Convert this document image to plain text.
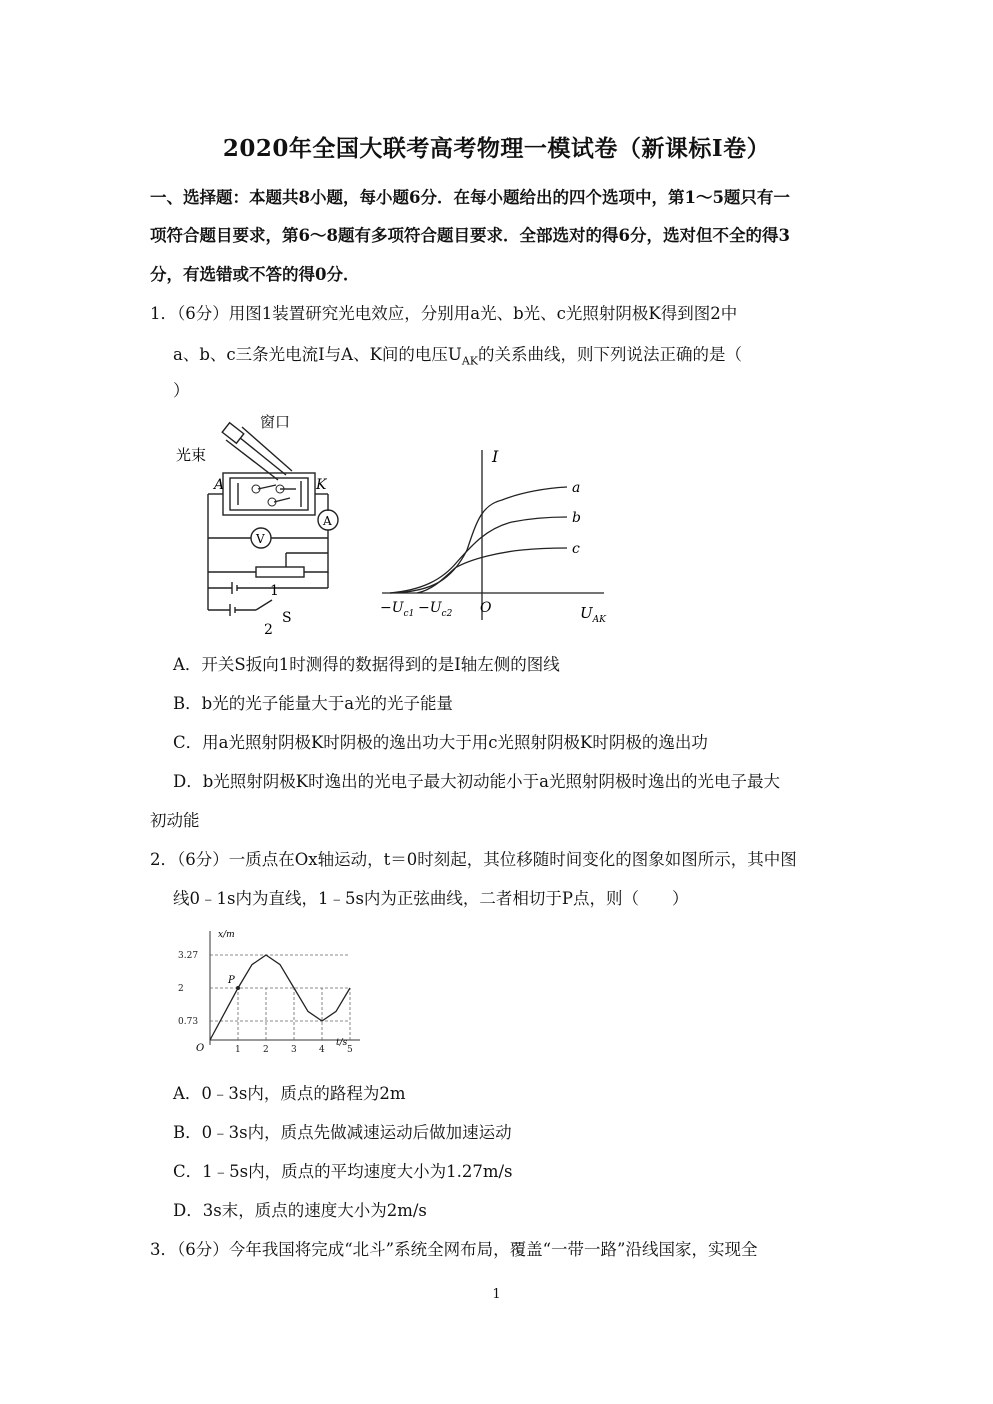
2020年全国大联考高考物理一模试卷（新课标Ⅰ卷）
一、选择题：本题共8小题，每小题6分．在每小题给出的四个选项中，第1～5题只有一
项符合题目要求，第6～8题有多项符合题目要求．全部选对的得6分，选对但不全的得3
分，有选错或不答的得0分．
1．（6分）用图1装置研究光电效应，分别用a光、b光、c光照射阴极K得到图2中
a、b、c三条光电流I与A、K间的电压$U_{AK}$的关系曲线，则下列说法正确的是（
）
窗口
光束
A	K
V
A
1
2
S
I
a
b
c
$-U_{c1} -U_{c2}$ O	$U_{AK}$
A．开关S扳向1时测得的数据得到的是I轴左侧的图线
B．b光的光子能量大于a光的光子能量
C．用a光照射阴极K时阴极的逸出功大于用c光照射阴极K时阴极的逸出功
D．b光照射阴极K时逸出的光电子最大初动能小于a光照射阴极时逸出的光电子最大
初动能
2．（6分）一质点在Ox轴运动，t＝0时刻起，其位移随时间变化的图象如图所示，其中图
线0﹣1s内为直线，1﹣5s内为正弦曲线，二者相切于P点，则（　　）
3.27
2
0.73
1 2 3 4 5
P
x/m
t/s
O
A．0﹣3s内，质点的路程为2m
B．0﹣3s内，质点先做减速运动后做加速运动
C．1﹣5s内，质点的平均速度大小为1.27m/s
D．3s末，质点的速度大小为2m/s
3．（6分）今年我国将完成“北斗”系统全网布局，覆盖“一带一路”沿线国家，实现全
1
